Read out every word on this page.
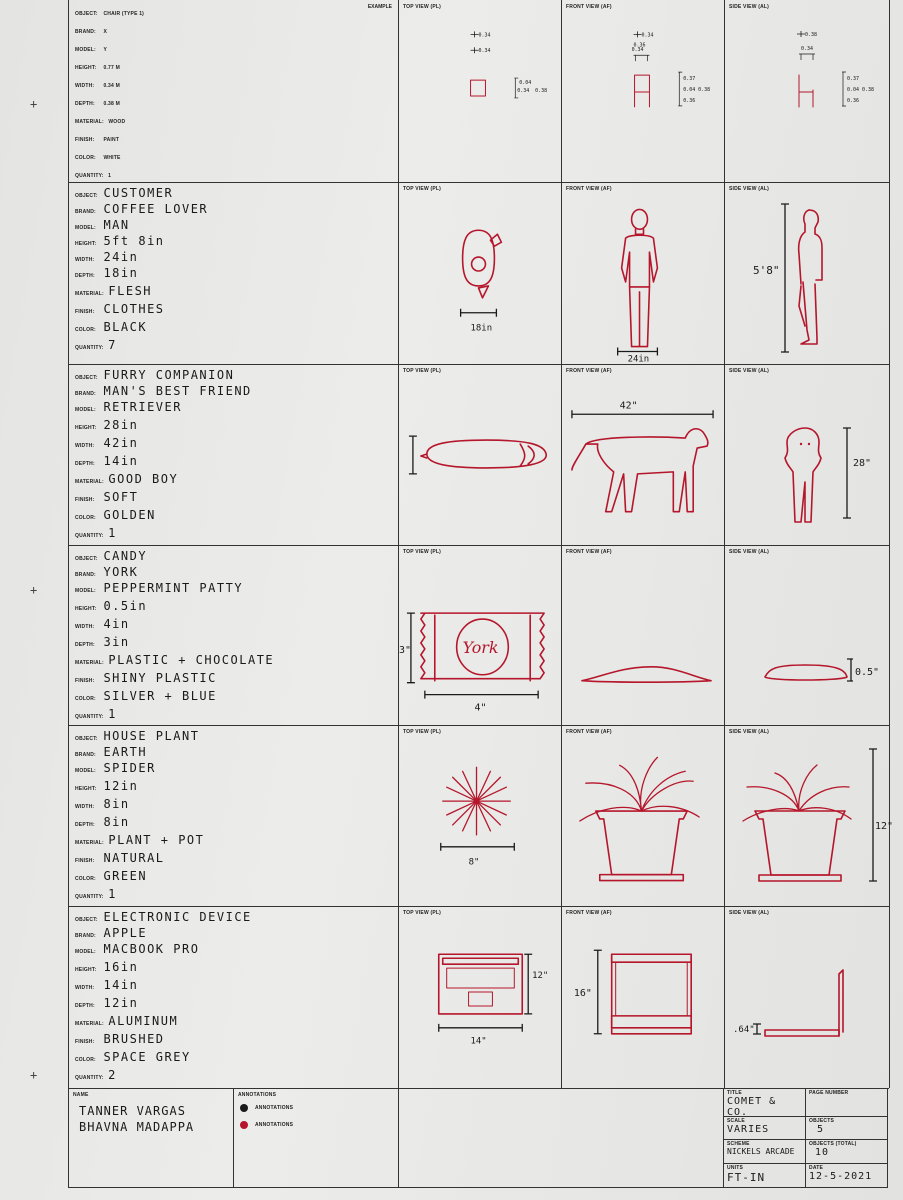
+
+
+
OBJECT:
CHAIR (TYPE 1)
BRAND:
	X
MODEL:
	Y
HEIGHT:
	0.77 M
WIDTH:
	0.34 M
DEPTH:
	0.38 M
MATERIAL:
WOOD
FINISH:
	PAINT
COLOR:
	WHITE
QUANTITY:
1
EXAMPLE TOP VIEW (PL)
0.34
0.34
0.04
0.34 0.38
FRONT VIEW (AF)
0.34
0.36
0.34
0.37
0.04
0.36
0.38
SIDE VIEW (AL)
0.38
0.34
0.37
0.04
0.36
0.38
OBJECT:
CUSTOMER
BRAND:
COFFEE LOVER
MODEL:
MAN
HEIGHT:
5ft 8in
WIDTH:
24in
DEPTH:
18in
MATERIAL:
FLESH
FINISH:
CLOTHES
COLOR:
BLACK
QUANTITY:
7
TOP VIEW (PL)
18in
FRONT VIEW (AF)
24in
SIDE VIEW (AL)
5'8"
OBJECT:
FURRY COMPANION
BRAND:
MAN'S BEST FRIEND
MODEL:
RETRIEVER
HEIGHT:
28in
WIDTH:
42in
DEPTH:
14in
MATERIAL:
GOOD BOY
FINISH:
SOFT
COLOR:
GOLDEN
QUANTITY:
1
TOP VIEW (PL)	FRONT VIEW (AF)
42"
SIDE VIEW (AL)
28"
OBJECT:
CANDY
BRAND:
YORK
MODEL:
PEPPERMINT PATTY
HEIGHT:
0.5in
WIDTH:
4in
DEPTH:
3in
MATERIAL:
PLASTIC + CHOCOLATE
FINISH:
SHINY PLASTIC
COLOR:
SILVER + BLUE
QUANTITY:
1
TOP VIEW (PL)
3"	York
4"
FRONT VIEW (AF)	SIDE VIEW (AL)
0.5"
OBJECT:
HOUSE PLANT
BRAND:
EARTH
MODEL:
SPIDER
HEIGHT:
12in
WIDTH:
8in
DEPTH:
8in
MATERIAL:
PLANT + POT
FINISH:
NATURAL
COLOR:
GREEN
QUANTITY:
1
TOP VIEW (PL)
8"
FRONT VIEW (AF)	SIDE VIEW (AL)
12"
OBJECT:
ELECTRONIC DEVICE
BRAND:
APPLE
MODEL:
MACBOOK PRO
HEIGHT:
16in
WIDTH:
14in
DEPTH:
12in
MATERIAL:
ALUMINUM
FINISH:
BRUSHED
COLOR:
SPACE GREY
QUANTITY:
2
TOP VIEW (PL)
12"
14"
FRONT VIEW (AF)
16"
SIDE VIEW (AL)
.64"
NAME
TANNER VARGAS
BHAVNA MADAPPA
ANNOTATIONS
ANNOTATIONS
ANNOTATIONS
TITLE
COMET & CO.
PAGE NUMBER
SCALE
VARIES
OBJECTS
5
SCHEME
NICKELS ARCADE
OBJECTS (TOTAL)
10
UNITS
FT-IN
DATE
12-5-2021
